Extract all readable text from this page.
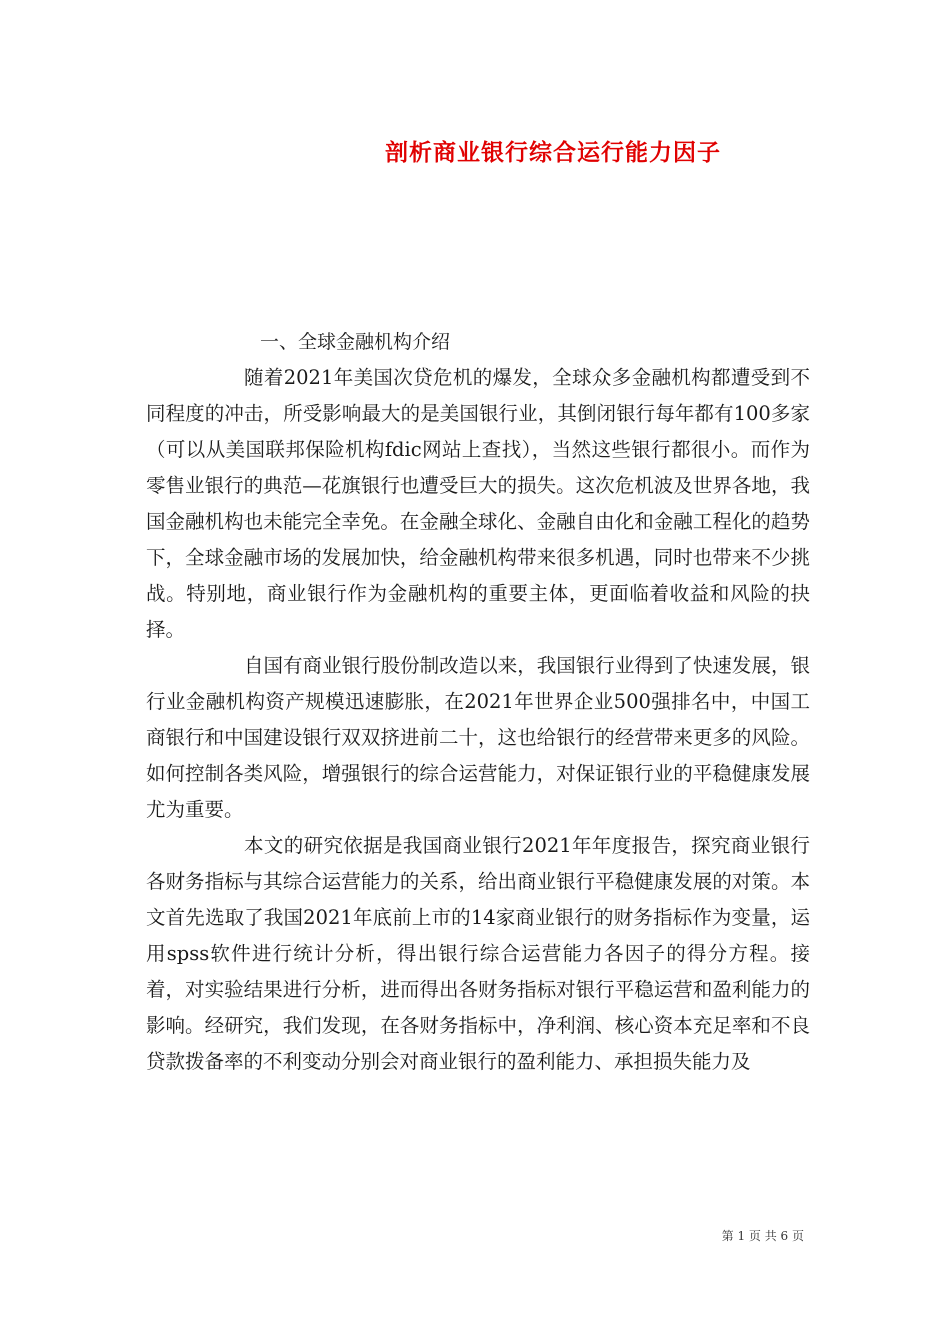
剖析商业银行综合运行能力因子
一、全球金融机构介绍

随着2021年美国次贷危机的爆发，全球众多金融机构都遭受到不同程度的冲击，所受影响最大的是美国银行业，其倒闭银行每年都有100多家（可以从美国联邦保险机构fdic网站上查找），当然这些银行都很小。而作为零售业银行的典范—花旗银行也遭受巨大的损失。这次危机波及世界各地，我国金融机构也未能完全幸免。在金融全球化、金融自由化和金融工程化的趋势下，全球金融市场的发展加快，给金融机构带来很多机遇，同时也带来不少挑战。特别地，商业银行作为金融机构的重要主体，更面临着收益和风险的抉择。

自国有商业银行股份制改造以来，我国银行业得到了快速发展，银行业金融机构资产规模迅速膨胀，在2021年世界企业500强排名中，中国工商银行和中国建设银行双双挤进前二十，这也给银行的经营带来更多的风险。如何控制各类风险，增强银行的综合运营能力，对保证银行业的平稳健康发展尤为重要。

本文的研究依据是我国商业银行2021年年度报告，探究商业银行各财务指标与其综合运营能力的关系，给出商业银行平稳健康发展的对策。本文首先选取了我国2021年底前上市的14家商业银行的财务指标作为变量，运用spss软件进行统计分析，得出银行综合运营能力各因子的得分方程。接着，对实验结果进行分析，进而得出各财务指标对银行平稳运营和盈利能力的影响。经研究，我们发现，在各财务指标中，净利润、核心资本充足率和不良贷款拨备率的不利变动分别会对商业银行的盈利能力、承担损失能力及

第 1 页 共 6 页
